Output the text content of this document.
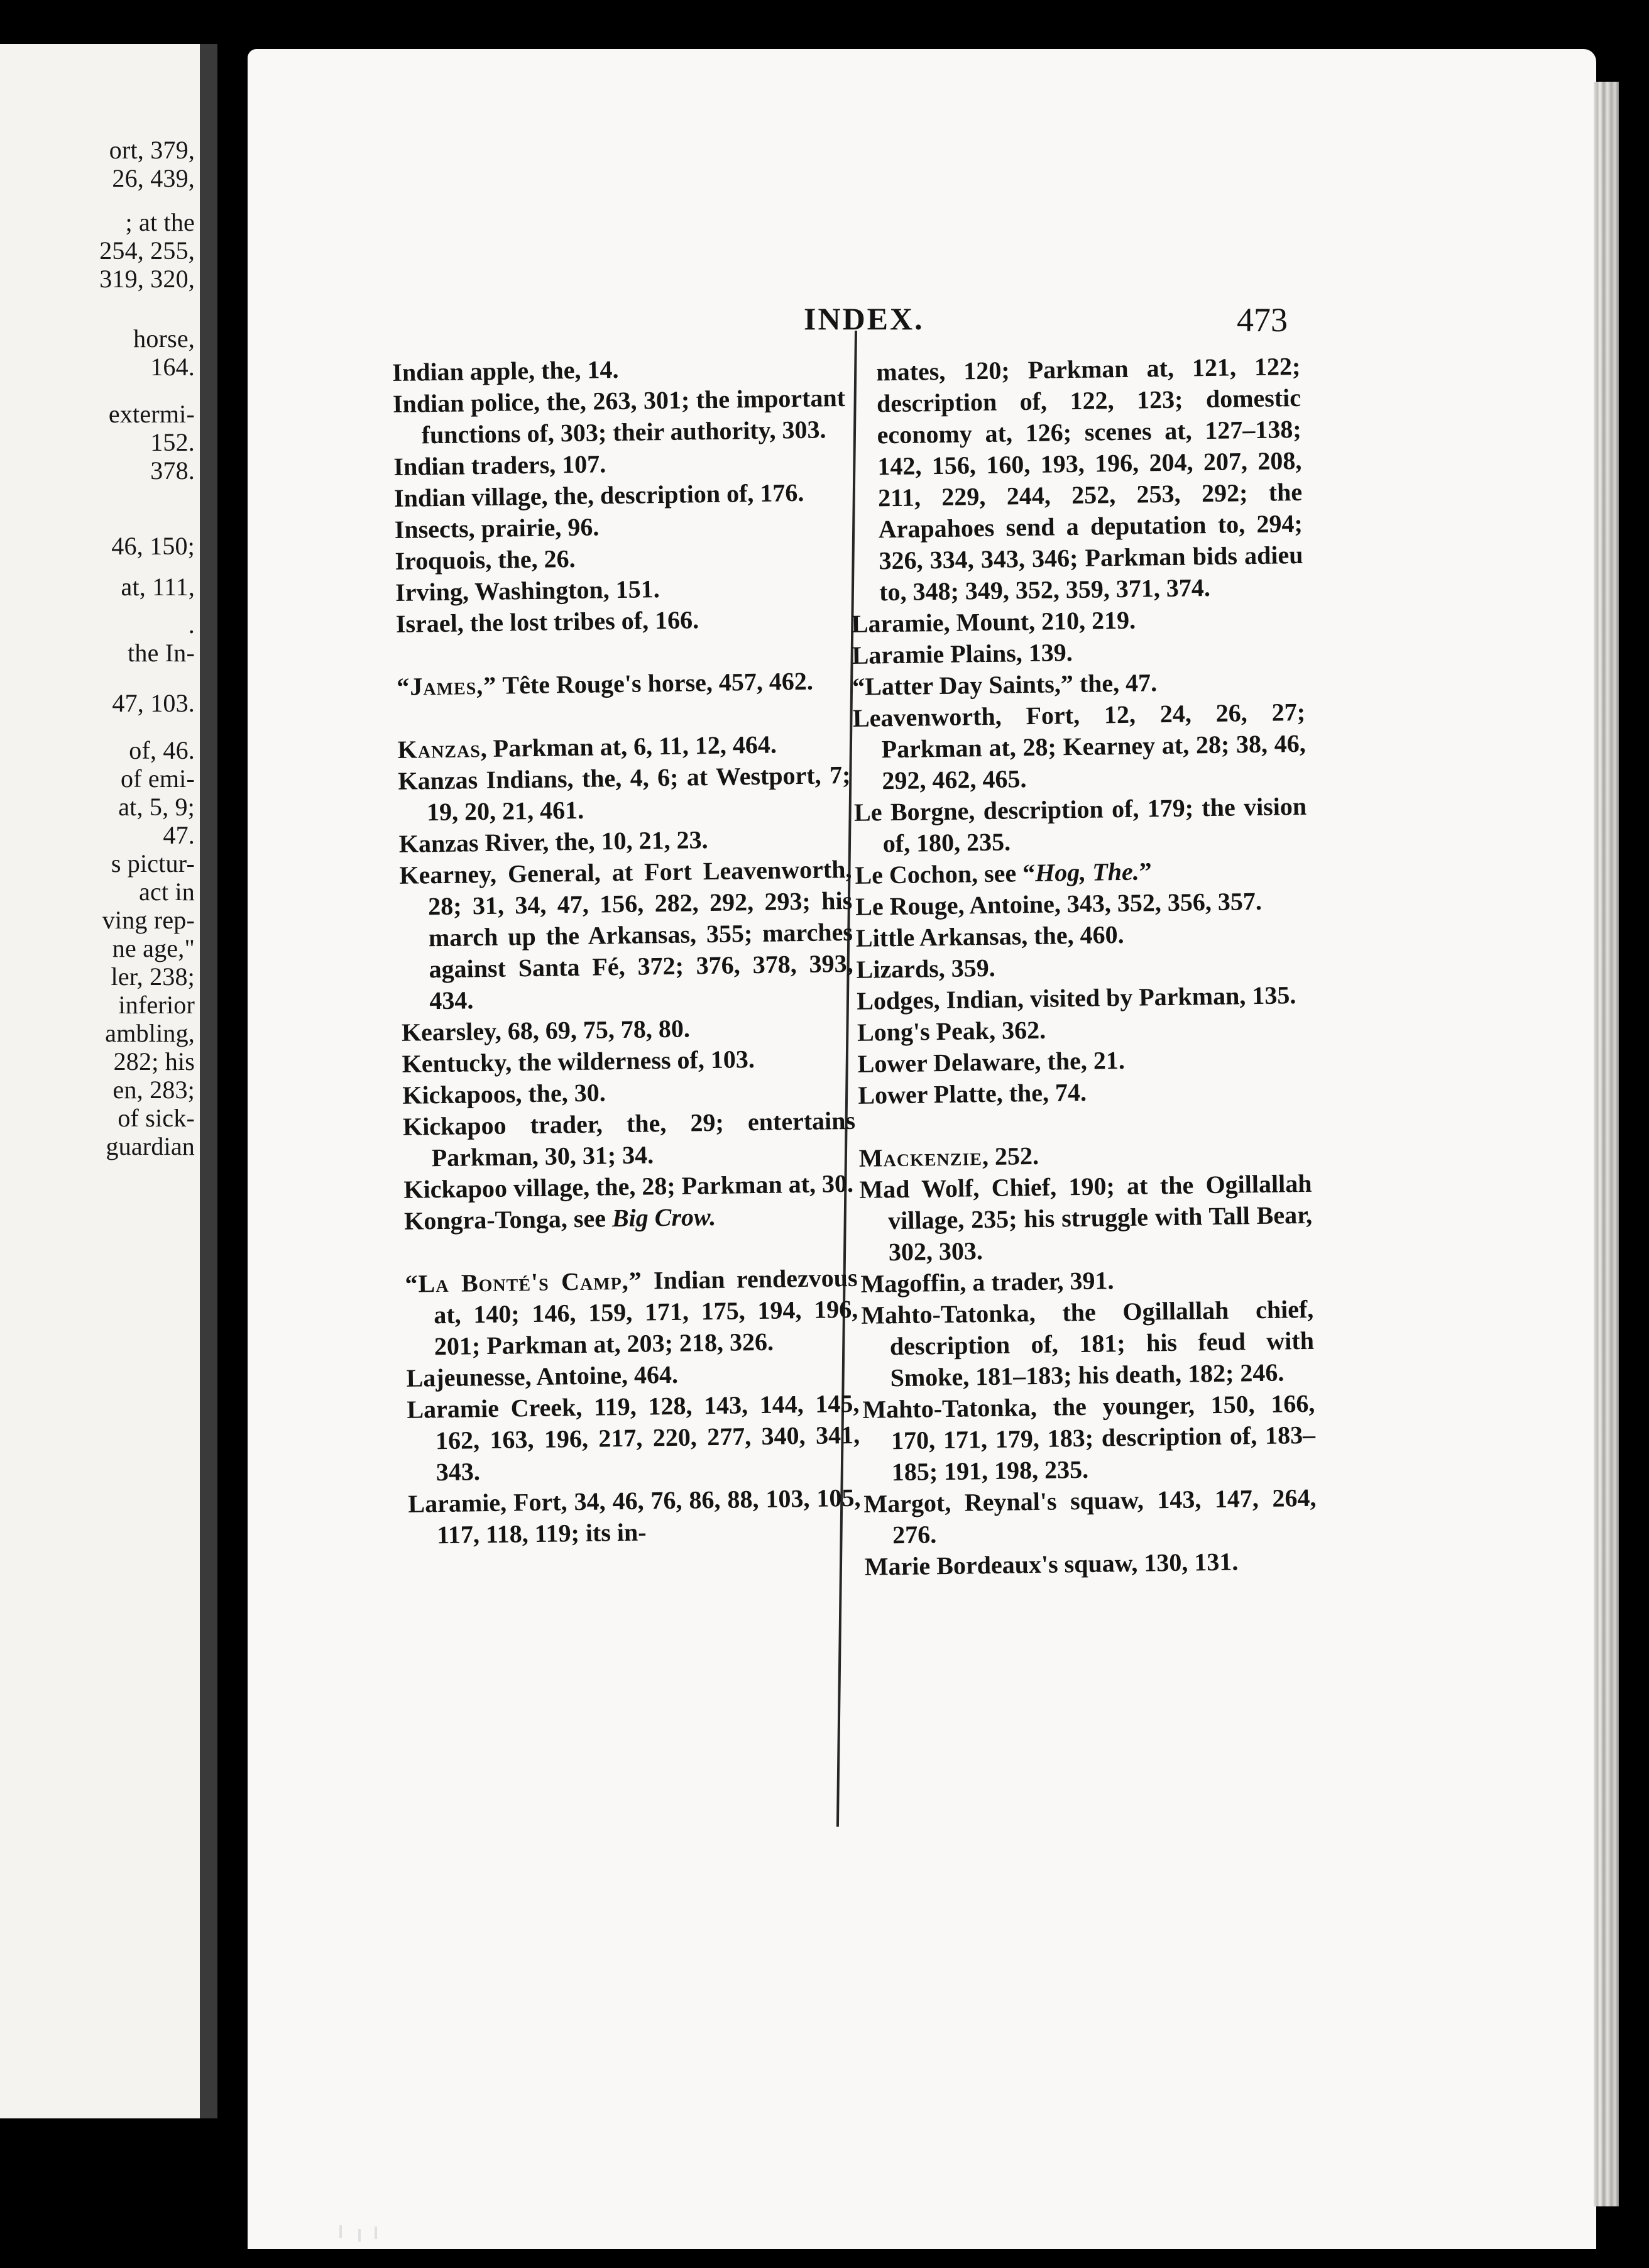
ort, 379,
26, 439,
; at the
254, 255,
319, 320,
horse,
164.
extermi-
152.
378.
46, 150;
at, 111,
.
the In-
47, 103.
of, 46.
of emi-
at, 5, 9;
47.
s pictur-
act in
ving rep-
ne age,"
ler, 238;
inferior
ambling,
282; his
en, 283;
of sick-
guardian
INDEX.	473

Indian apple, the, 14.

Indian police, the, 263, 301; the important functions of, 303; their authority, 303.

Indian traders, 107.

Indian village, the, description of, 176.

Insects, prairie, 96.

Iroquois, the, 26.

Irving, Washington, 151.

Israel, the lost tribes of, 166.

“James,” Tête Rouge's horse, 457, 462.

Kanzas, Parkman at, 6, 11, 12, 464.

Kanzas Indians, the, 4, 6; at Westport, 7; 19, 20, 21, 461.

Kanzas River, the, 10, 21, 23.

Kearney, General, at Fort Leavenworth, 28; 31, 34, 47, 156, 282, 292, 293; his march up the Arkansas, 355; marches against Santa Fé, 372; 376, 378, 393, 434.

Kearsley, 68, 69, 75, 78, 80.

Kentucky, the wilderness of, 103.

Kickapoos, the, 30.

Kickapoo trader, the, 29; entertains Parkman, 30, 31; 34.

Kickapoo village, the, 28; Parkman at, 30.

Kongra-Tonga, see Big Crow.

“La Bonté's Camp,” Indian rendezvous at, 140; 146, 159, 171, 175, 194, 196, 201; Parkman at, 203; 218, 326.

Lajeunesse, Antoine, 464.

Laramie Creek, 119, 128, 143, 144, 145, 162, 163, 196, 217, 220, 277, 340, 341, 343.

Laramie, Fort, 34, 46, 76, 86, 88, 103, 105, 117, 118, 119; its in-

mates, 120; Parkman at, 121, 122; description of, 122, 123; domestic economy at, 126; scenes at, 127–138; 142, 156, 160, 193, 196, 204, 207, 208, 211, 229, 244, 252, 253, 292; the Arapahoes send a deputation to, 294; 326, 334, 343, 346; Parkman bids adieu to, 348; 349, 352, 359, 371, 374.

Laramie, Mount, 210, 219.

Laramie Plains, 139.

“Latter Day Saints,” the, 47.

Leavenworth, Fort, 12, 24, 26, 27; Parkman at, 28; Kearney at, 28; 38, 46, 292, 462, 465.

Le Borgne, description of, 179; the vision of, 180, 235.

Le Cochon, see “Hog, The.”

Le Rouge, Antoine, 343, 352, 356, 357.

Little Arkansas, the, 460.

Lizards, 359.

Lodges, Indian, visited by Parkman, 135.

Long's Peak, 362.

Lower Delaware, the, 21.

Lower Platte, the, 74.

Mackenzie, 252.

Mad Wolf, Chief, 190; at the Ogillallah village, 235; his struggle with Tall Bear, 302, 303.

Magoffin, a trader, 391.

Mahto-Tatonka, the Ogillallah chief, description of, 181; his feud with Smoke, 181–183; his death, 182; 246.

Mahto-Tatonka, the younger, 150, 166, 170, 171, 179, 183; description of, 183–185; 191, 198, 235.

Margot, Reynal's squaw, 143, 147, 264, 276.

Marie Bordeaux's squaw, 130, 131.
